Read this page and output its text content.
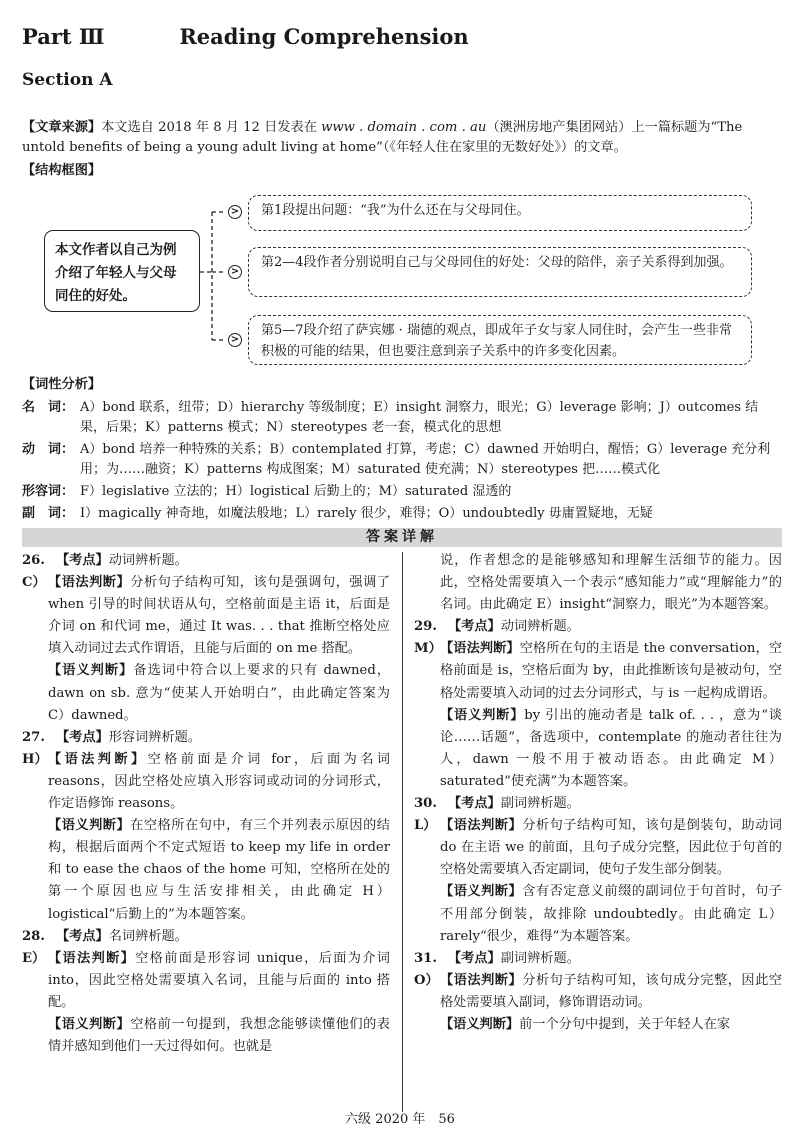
Part Ⅲ	Reading Comprehension
Section A
【文章来源】本文选自 2018 年 8 月 12 日发表在 www . domain . com . au（澳洲房地产集团网站）上一篇标题为“The untold benefits of being a young adult living at home”（《年轻人住在家里的无数好处》）的文章。
【结构框图】
>
>
>
本文作者以自己为例介绍了年轻人与父母同住的好处。
第1段提出问题：“我”为什么还在与父母同住。
第2—4段作者分别说明自己与父母同住的好处：父母的陪伴，亲子关系得到加强。
第5—7段介绍了萨宾娜 · 瑞德的观点，即成年子女与家人同住时，会产生一些非常积极的可能的结果，但也要注意到亲子关系中的许多变化因素。
【词性分析】
名　词： A）bond 联系，纽带；D）hierarchy 等级制度；E）insight 洞察力，眼光；G）leverage 影响；J）outcomes 结果，后果；K）patterns 模式；N）stereotypes 老一套，模式化的思想
动　词： A）bond 培养一种特殊的关系；B）contemplated 打算，考虑；C）dawned 开始明白，醒悟；G）leverage 充分利用；为……融资；K）patterns 构成图案；M）saturated 使充满；N）stereotypes 把……模式化
形容词： F）legislative 立法的；H）logistical 后勤上的；M）saturated 湿透的
副　词： I）magically 神奇地，如魔法般地；L）rarely 很少，难得；O）undoubtedly 毋庸置疑地，无疑
答案详解
26. 【考点】动词辨析题。
C） 【语法判断】分析句子结构可知，该句是强调句，强调了 when 引导的时间状语从句，空格前面是主语 it，后面是介词 on 和代词 me，通过 It was. . . that 推断空格处应填入动词过去式作谓语，且能与后面的 on me 搭配。
【语义判断】备选词中符合以上要求的只有 dawned，dawn on sb. 意为“使某人开始明白”，由此确定答案为 C）dawned。
27. 【考点】形容词辨析题。
H） 【语法判断】空格前面是介词 for，后面为名词 reasons，因此空格处应填入形容词或动词的分词形式，作定语修饰 reasons。
【语义判断】在空格所在句中，有三个并列表示原因的结构，根据后面两个不定式短语 to keep my life in order 和 to ease the chaos of the home 可知，空格所在处的第一个原因也应与生活安排相关，由此确定 H）logistical“后勤上的”为本题答案。
28. 【考点】名词辨析题。
E） 【语法判断】空格前面是形容词 unique，后面为介词 into，因此空格处需要填入名词，且能与后面的 into 搭配。
【语义判断】空格前一句提到，我想念能够读懂他们的表情并感知到他们一天过得如何。也就是
说，作者想念的是能够感知和理解生活细节的能力。因此，空格处需要填入一个表示“感知能力”或“理解能力”的名词。由此确定 E）insight“洞察力，眼光”为本题答案。
29. 【考点】动词辨析题。
M）
【语法判断】空格所在句的主语是 the conversation，空格前面是 is，空格后面为 by，由此推断该句是被动句，空格处需要填入动词的过去分词形式，与 is 一起构成谓语。
【语义判断】by 引出的施动者是 talk of. . . ，意为“谈论……话题”，备选项中，contemplate 的施动者往往为人，dawn 一般不用于被动语态。由此确定 M）saturated“使充满”为本题答案。
30. 【考点】副词辨析题。
L） 【语法判断】分析句子结构可知，该句是倒装句，助动词 do 在主语 we 的前面，且句子成分完整，因此位于句首的空格处需要填入否定副词，使句子发生部分倒装。
【语义判断】含有否定意义前缀的副词位于句首时，句子不用部分倒装，故排除 undoubtedly。由此确定 L）rarely“很少，难得”为本题答案。
31. 【考点】副词辨析题。
O） 【语法判断】分析句子结构可知，该句成分完整，因此空格处需要填入副词，修饰谓语动词。
【语义判断】前一个分句中提到，关于年轻人在家
六级 2020 年　56
